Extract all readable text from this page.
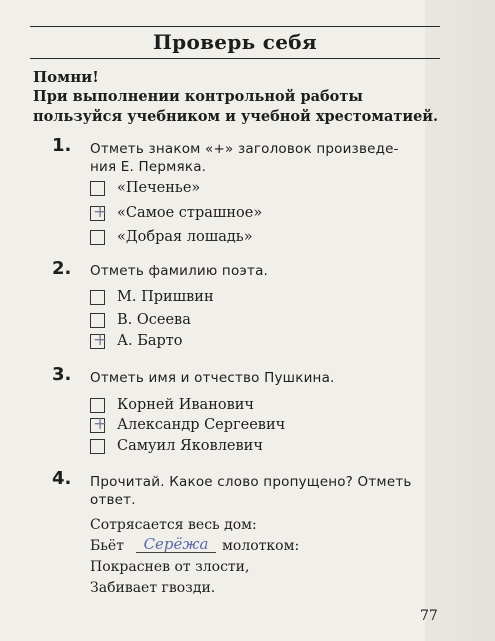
Проверь себя
Помни!
При выполнении контрольной работы пользуйся учебником и учебной хрестоматией.
1. Отметь знаком «+» заголовок произведе-
ния Е. Пермяка.
«Печенье»
+ «Самое страшное»
«Добрая лошадь»
2. Отметь фамилию поэта.
М. Пришвин
В. Осеева
+ А. Барто
3. Отметь имя и отчество Пушкина.
Корней Иванович
+ Александр Сергеевич
Самуил Яковлевич
4. Прочитай. Какое слово пропущено? Отметь
ответ.
Сотрясается весь дом:
Бьёт	Серёжа молотком:
Покраснев от злости,
Забивает гвозди.
77
